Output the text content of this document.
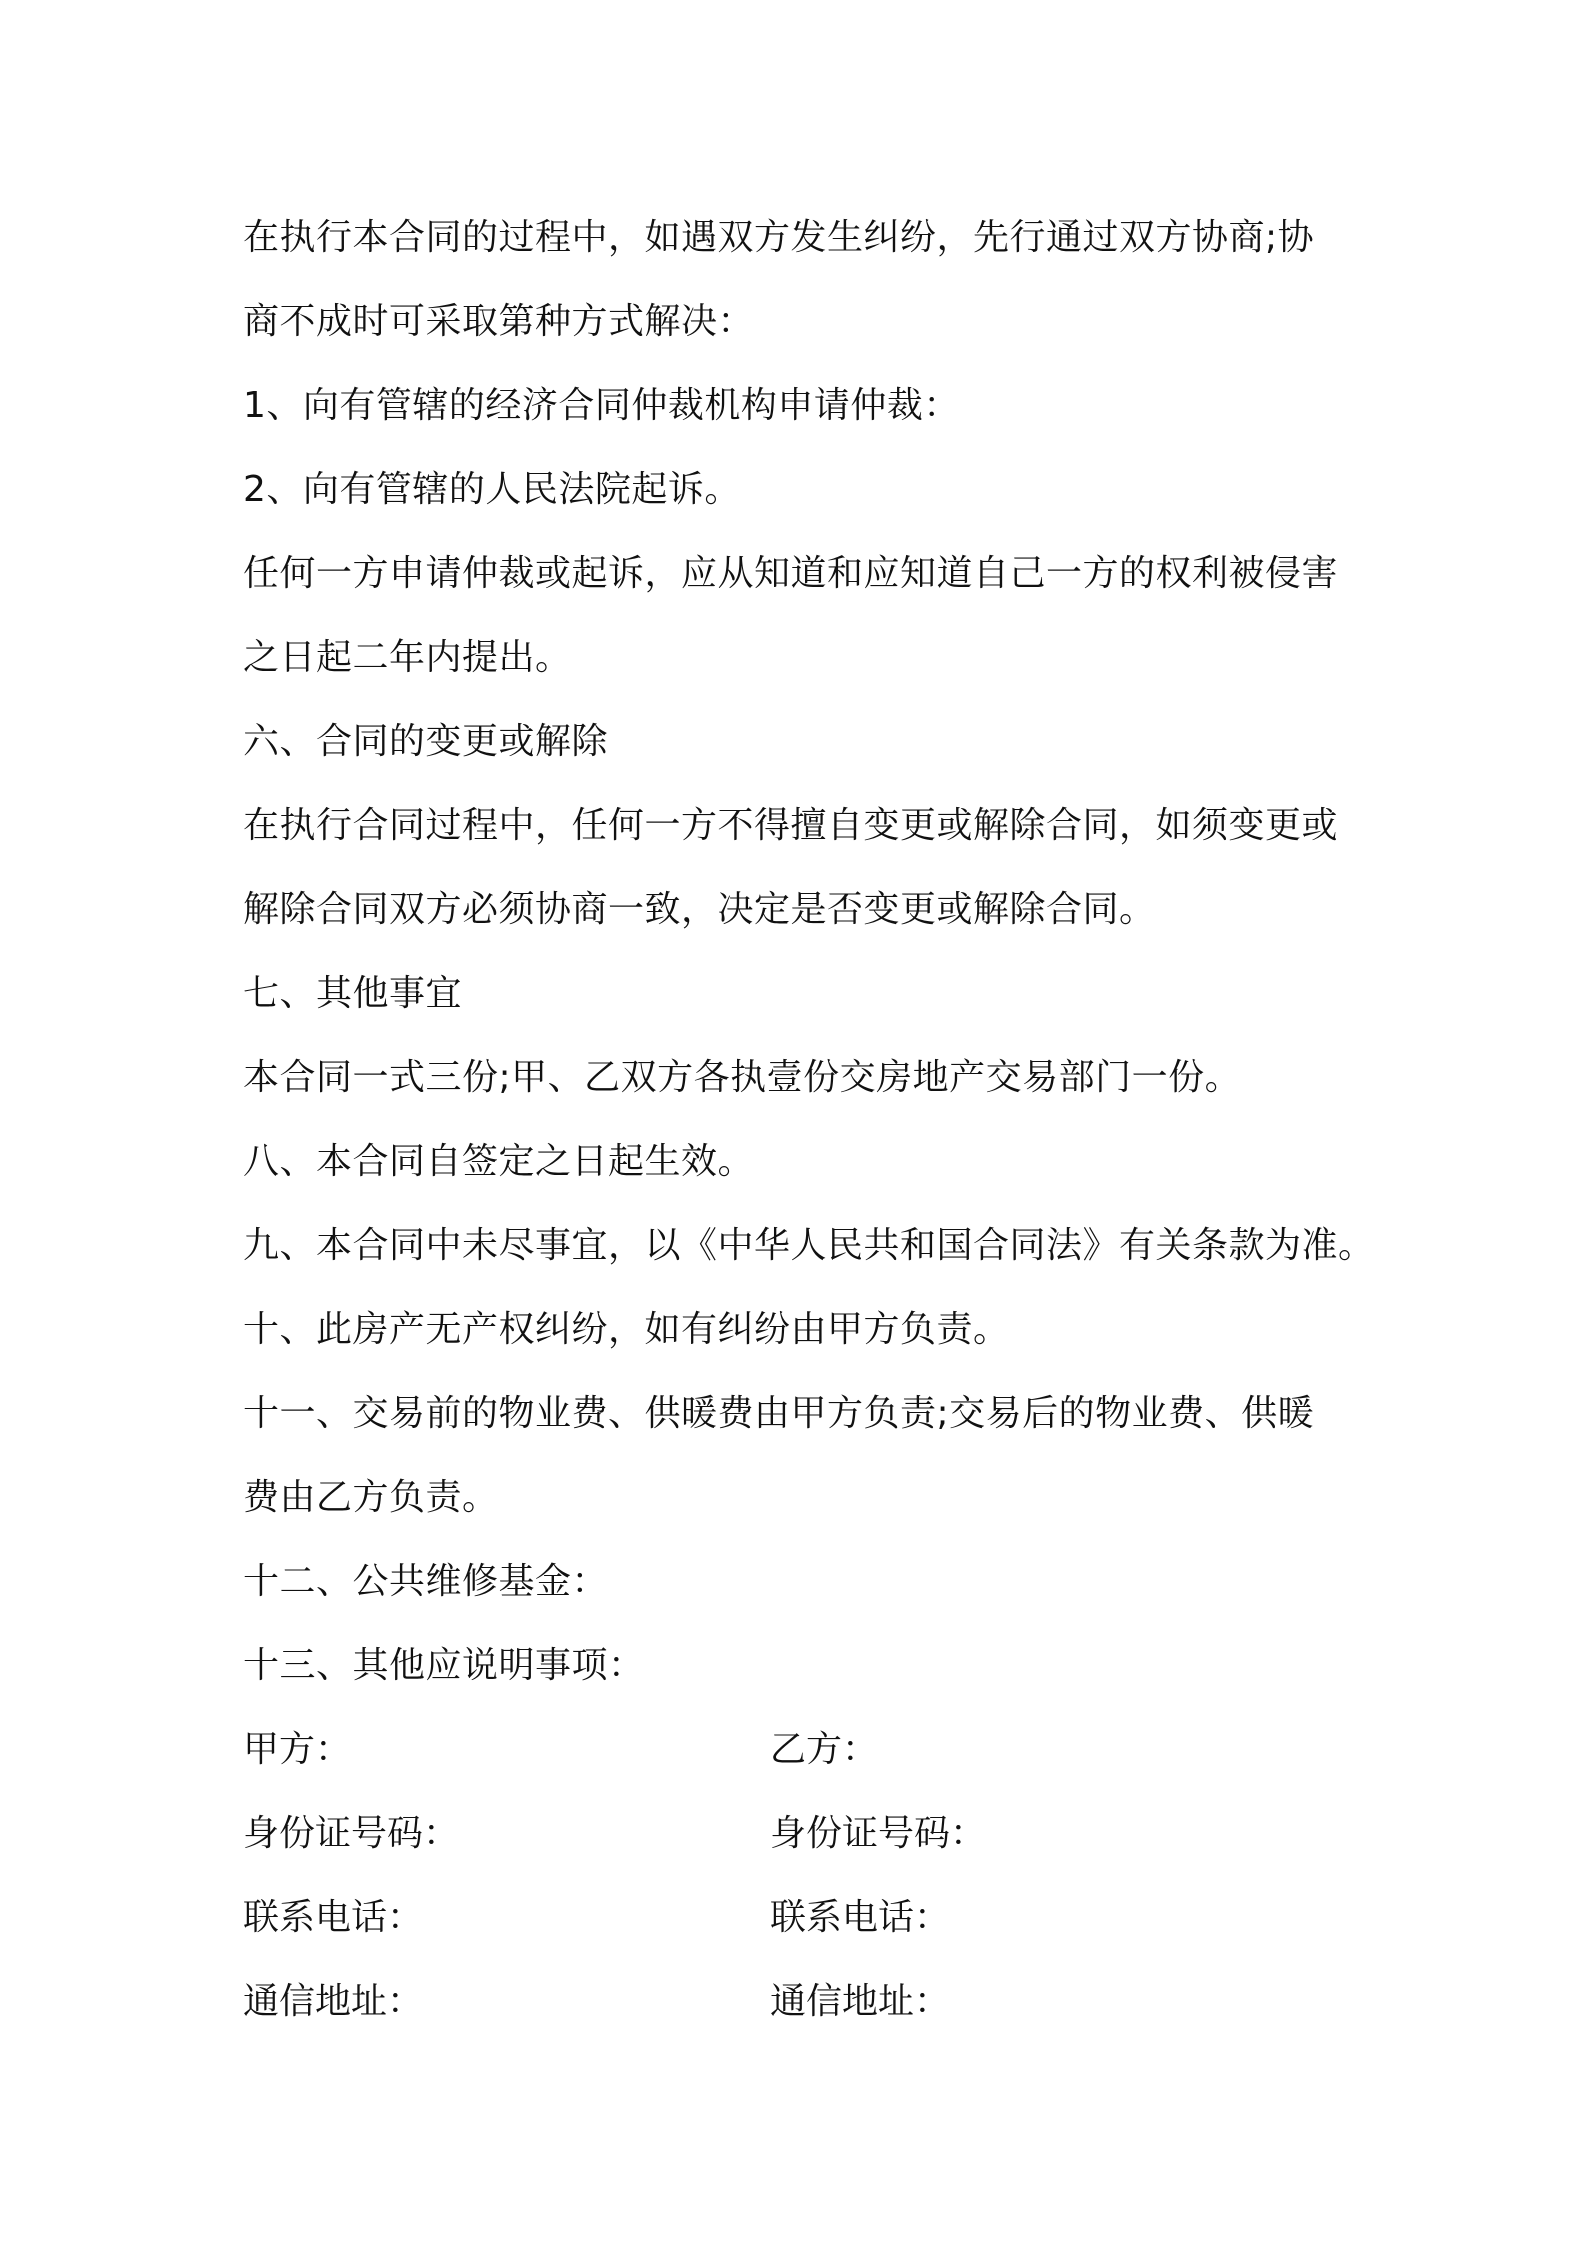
在执行本合同的过程中，如遇双方发生纠纷，先行通过双方协商;协
商不成时可采取第种方式解决：
1、向有管辖的经济合同仲裁机构申请仲裁：
2、向有管辖的人民法院起诉。
任何一方申请仲裁或起诉，应从知道和应知道自己一方的权利被侵害
之日起二年内提出。
六、合同的变更或解除
在执行合同过程中，任何一方不得擅自变更或解除合同，如须变更或
解除合同双方必须协商一致，决定是否变更或解除合同。
七、其他事宜
本合同一式三份;甲、乙双方各执壹份交房地产交易部门一份。
八、本合同自签定之日起生效。
九、本合同中未尽事宜，以《中华人民共和国合同法》有关条款为准。
十、此房产无产权纠纷，如有纠纷由甲方负责。
十一、交易前的物业费、供暖费由甲方负责;交易后的物业费、供暖
费由乙方负责。
十二、公共维修基金：
十三、其他应说明事项：
甲方：	乙方：
身份证号码：	身份证号码：
联系电话：	联系电话：
通信地址：	通信地址：
